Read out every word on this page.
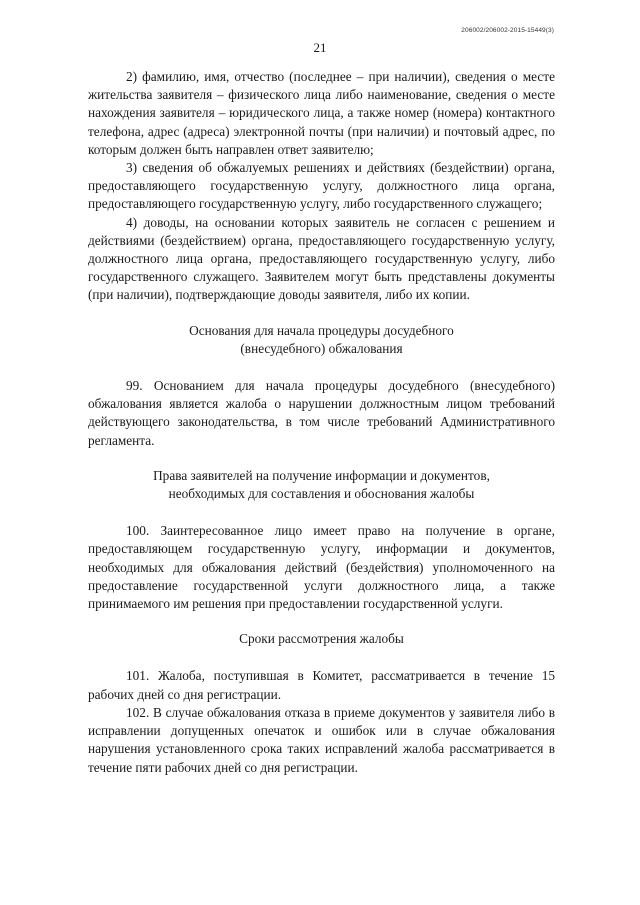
206002/206002-2015-15449(3)
21

2) фамилию, имя, отчество (последнее – при наличии), сведения о месте жительства заявителя – физического лица либо наименование, сведения о месте нахождения заявителя – юридического лица, а также номер (номера) контактного телефона, адрес (адреса) электронной почты (при наличии) и почтовый адрес, по которым должен быть направлен ответ заявителю;

3) сведения об обжалуемых решениях и действиях (бездействии) органа, предоставляющего государственную услугу, должностного лица органа, предоставляющего государственную услугу, либо государственного служащего;

4) доводы, на основании которых заявитель не согласен с решением и действиями (бездействием) органа, предоставляющего государственную услугу, должностного лица органа, предоставляющего государственную услугу, либо государственного служащего. Заявителем могут быть представлены документы (при наличии), подтверждающие доводы заявителя, либо их копии.

Основания для начала процедуры досудебного
(внесудебного) обжалования

99. Основанием для начала процедуры досудебного (внесудебного) обжалования является жалоба о нарушении должностным лицом требований действующего законодательства, в том числе требований Административного регламента.

Права заявителей на получение информации и документов,
необходимых для составления и обоснования жалобы

100. Заинтересованное лицо имеет право на получение в органе, предоставляющем государственную услугу, информации и документов, необходимых для обжалования действий (бездействия) уполномоченного на предоставление государственной услуги должностного лица, а также принимаемого им решения при предоставлении государственной услуги.

Сроки рассмотрения жалобы

101. Жалоба, поступившая в Комитет, рассматривается в течение 15 рабочих дней со дня регистрации.

102. В случае обжалования отказа в приеме документов у заявителя либо в исправлении допущенных опечаток и ошибок или в случае обжалования нарушения установленного срока таких исправлений жалоба рассматривается в течение пяти рабочих дней со дня регистрации.
